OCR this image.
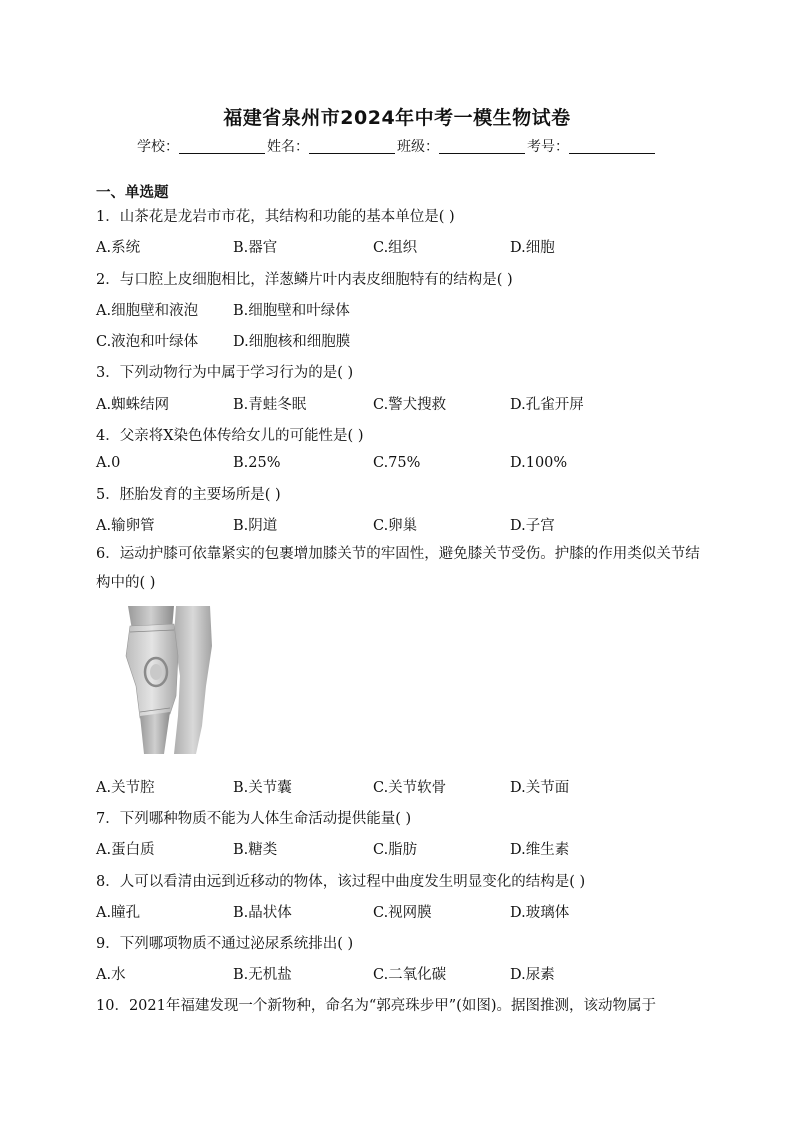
福建省泉州市2024年中考一模生物试卷
学校：	姓名：	班级：	考号：
一、单选题
1．山茶花是龙岩市市花，其结构和功能的基本单位是( )
A.系统	B.器官	C.组织	D.细胞
2．与口腔上皮细胞相比，洋葱鳞片叶内表皮细胞特有的结构是( )
A.细胞壁和液泡 B.细胞壁和叶绿体
C.液泡和叶绿体 D.细胞核和细胞膜
3．下列动物行为中属于学习行为的是( )
A.蜘蛛结网	B.青蛙冬眠	C.警犬搜救	D.孔雀开屏
4．父亲将X染色体传给女儿的可能性是( )
A.0	B.25%	C.75%	D.100%
5．胚胎发育的主要场所是( )
A.输卵管	B.阴道	C.卵巢	D.子宫
6．运动护膝可依靠紧实的包裹增加膝关节的牢固性，避免膝关节受伤。护膝的作用类似关节结构中的( )
A.关节腔	B.关节囊	C.关节软骨	D.关节面
7．下列哪种物质不能为人体生命活动提供能量( )
A.蛋白质	B.糖类	C.脂肪	D.维生素
8．人可以看清由远到近移动的物体，该过程中曲度发生明显变化的结构是( )
A.瞳孔	B.晶状体	C.视网膜	D.玻璃体
9．下列哪项物质不通过泌尿系统排出( )
A.水	B.无机盐	C.二氧化碳	D.尿素
10．2021年福建发现一个新物种，命名为“郭亮珠步甲”(如图)。据图推测，该动物属于
